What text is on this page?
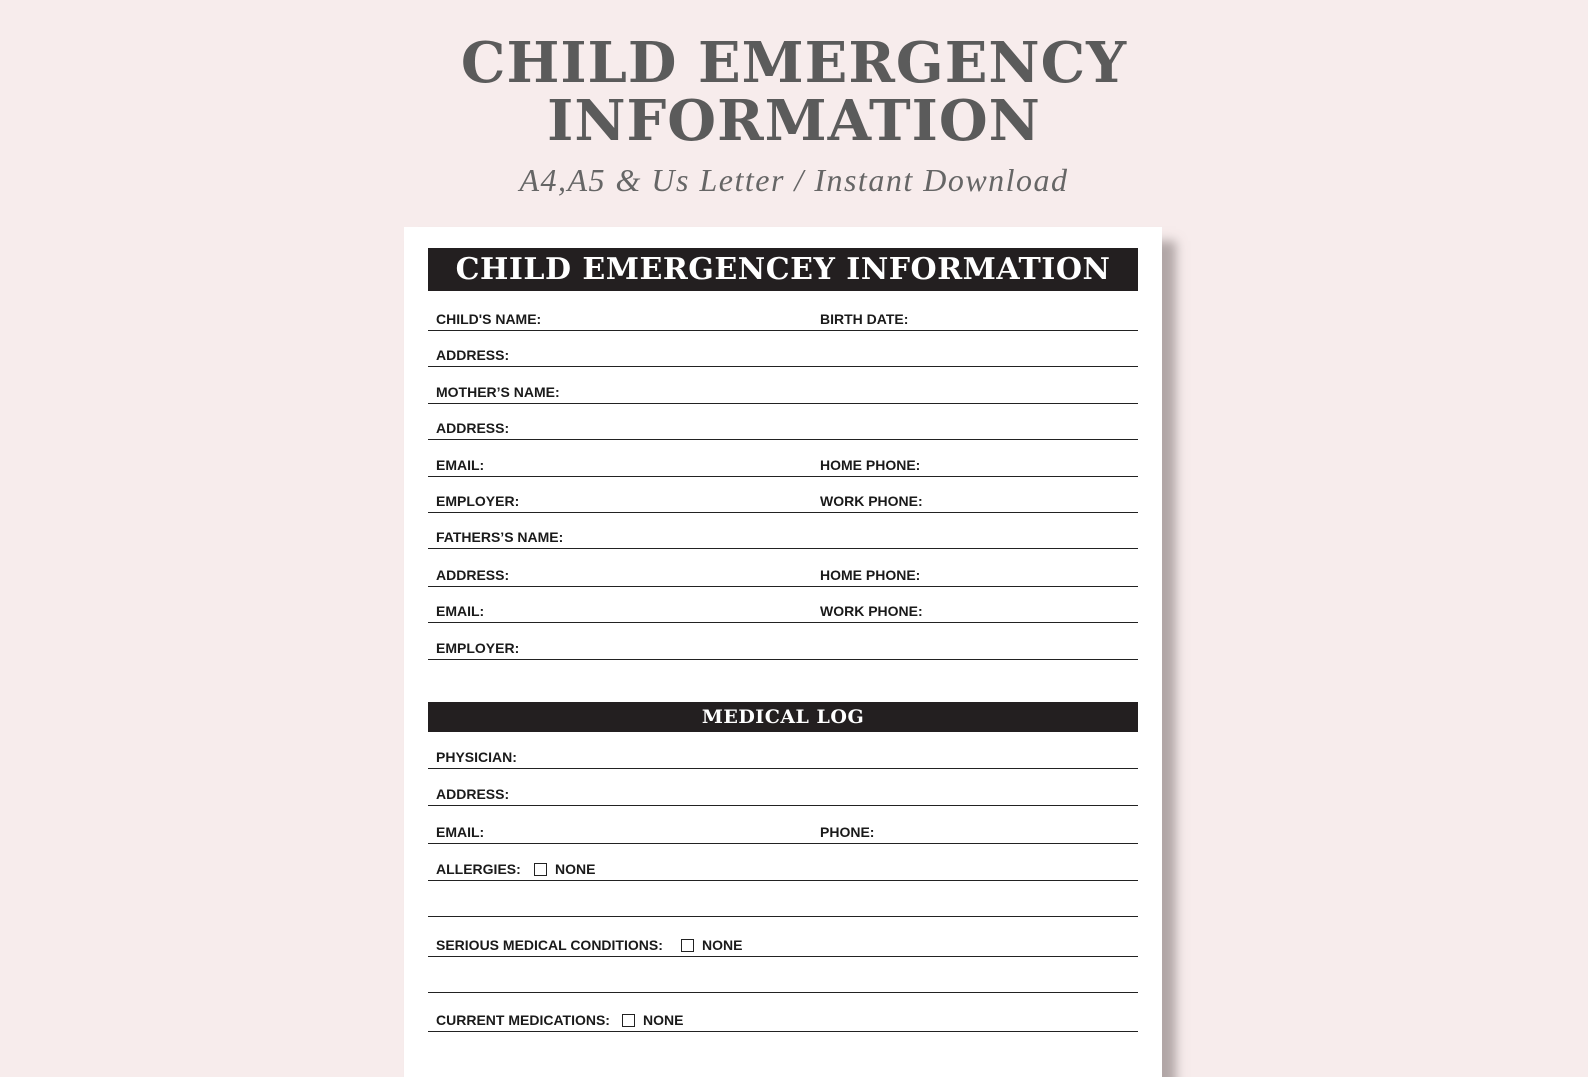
CHILD EMERGENCY
INFORMATION
A4,A5 & Us Letter / Instant Download
CHILD EMERGENCEY INFORMATION
CHILD'S NAME:	BIRTH DATE:
ADDRESS:
MOTHER’S NAME:
ADDRESS:
EMAIL:	HOME PHONE:
EMPLOYER:	WORK PHONE:
FATHERS’S NAME:
ADDRESS:	HOME PHONE:
EMAIL:	WORK PHONE:
EMPLOYER:
MEDICAL LOG
PHYSICIAN:
ADDRESS:
EMAIL:	PHONE:
ALLERGIES: NONE
SERIOUS MEDICAL CONDITIONS:	NONE
CURRENT MEDICATIONS: NONE
